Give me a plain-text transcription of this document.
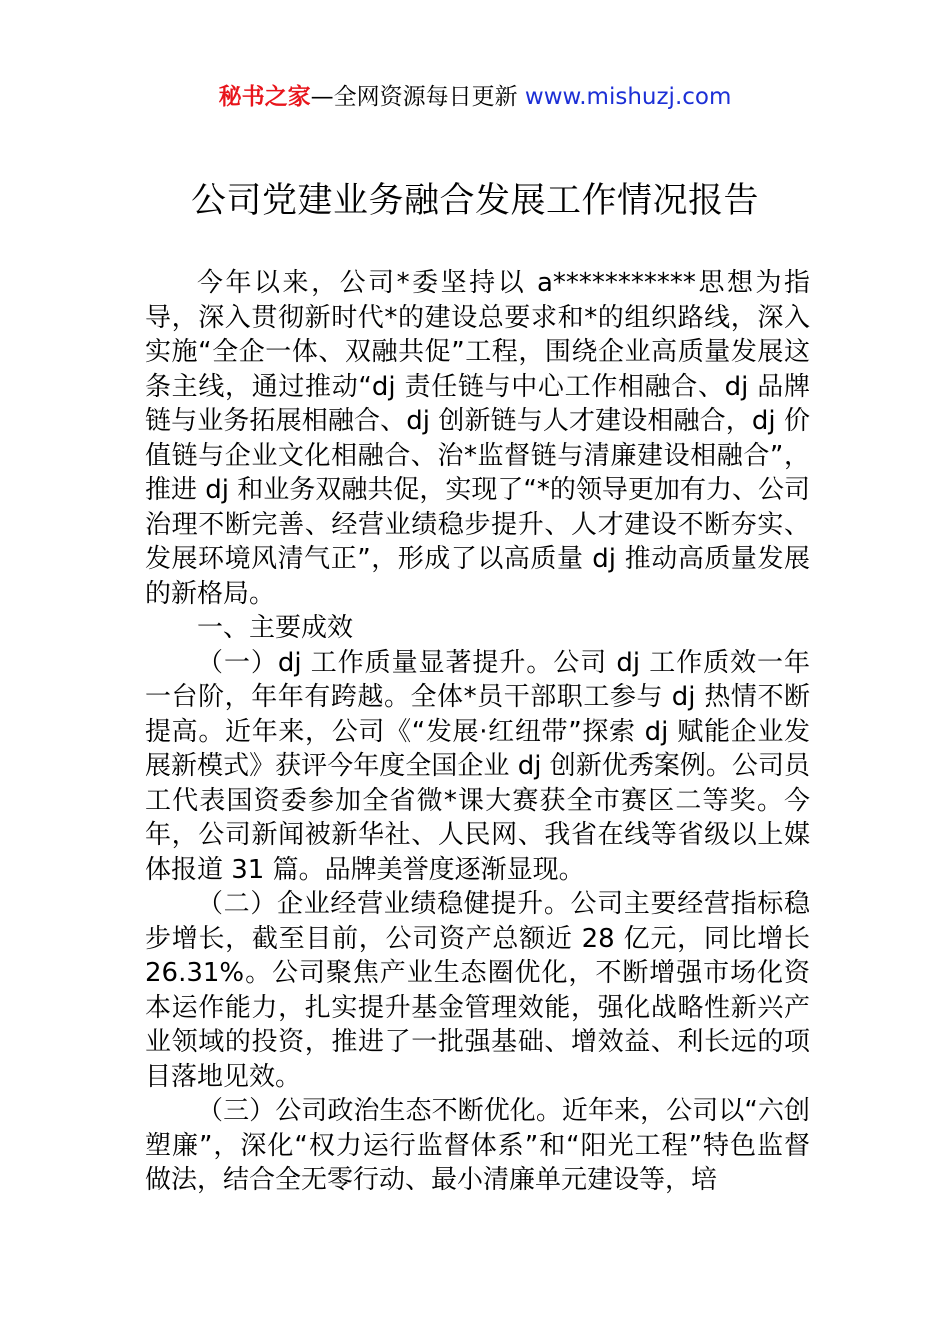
秘书之家—全网资源每日更新 www.mishuzj.com
公司党建业务融合发展工作情况报告

今年以来，公司*委坚持以 a***********思想为指导，深入贯彻新时代*的建设总要求和*的组织路线，深入实施“全企一体、双融共促”工程，围绕企业高质量发展这条主线，通过推动“dj 责任链与中心工作相融合、dj 品牌链与业务拓展相融合、dj 创新链与人才建设相融合，dj 价值链与企业文化相融合、治*监督链与清廉建设相融合”，推进 dj 和业务双融共促，实现了“*的领导更加有力、公司治理不断完善、经营业绩稳步提升、人才建设不断夯实、发展环境风清气正”，形成了以高质量 dj 推动高质量发展的新格局。

一、主要成效

（一）dj 工作质量显著提升。公司 dj 工作质效一年一台阶，年年有跨越。全体*员干部职工参与 dj 热情不断提高。近年来，公司《“发展·红纽带”探索 dj 赋能企业发展新模式》获评今年度全国企业 dj 创新优秀案例。公司员工代表国资委参加全省微*课大赛获全市赛区二等奖。今年，公司新闻被新华社、人民网、我省在线等省级以上媒体报道 31 篇。品牌美誉度逐渐显现。

（二）企业经营业绩稳健提升。公司主要经营指标稳步增长，截至目前，公司资产总额近 28 亿元，同比增长 26.31%。公司聚焦产业生态圈优化，不断增强市场化资本运作能力，扎实提升基金管理效能，强化战略性新兴产业领域的投资，推进了一批强基础、增效益、利长远的项目落地见效。

（三）公司政治生态不断优化。近年来，公司以“六创塑廉”，深化“权力运行监督体系”和“阳光工程”特色监督做法，结合全无零行动、最小清廉单元建设等，培
